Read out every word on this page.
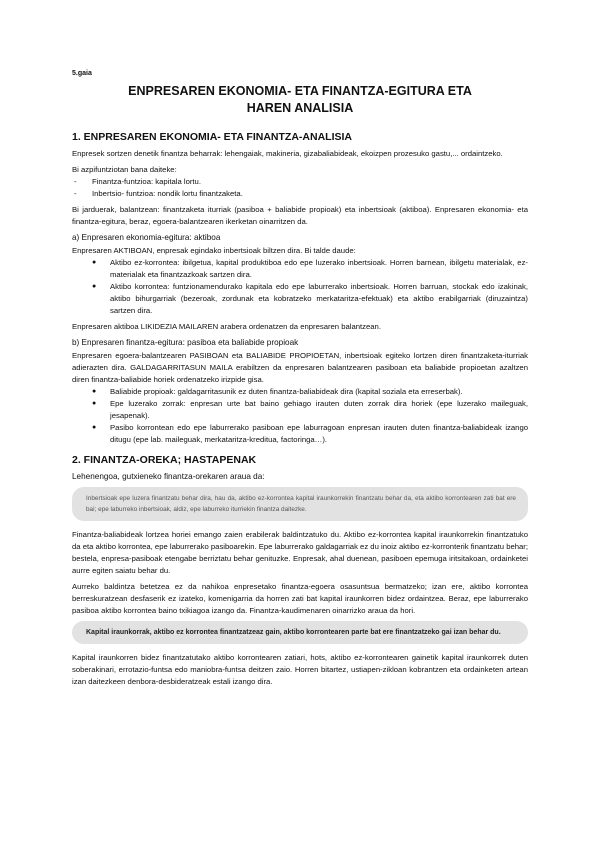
5.gaia
ENPRESAREN EKONOMIA- ETA FINANTZA-EGITURA ETA
HAREN ANALISIA
1. ENPRESAREN EKONOMIA- ETA FINANTZA-ANALISIA

Enpresek sortzen denetik finantza beharrak: lehengaiak, makineria, gizabaliabideak, ekoizpen prozesuko gastu,... ordaintzeko.

Bi azpifuntziotan bana daiteke:

- Finantza-funtzioa: kapitala lortu.
- Inbertsio- funtzioa: nondik lortu finantzaketa.

Bi jarduerak, balantzean: finantzaketa iturriak (pasiboa + baliabide propioak) eta inbertsioak (aktiboa). Enpresaren ekonomia- eta finantza-egitura, beraz, egoera-balantzearen ikerketan oinarritzen da.

a) Enpresaren ekonomia-egitura: aktiboa

Enpresaren AKTIBOAN, enpresak egindako inbertsioak biltzen dira. Bi talde daude:

● Aktibo ez-korrontea: ibilgetua, kapital produktiboa edo epe luzerako inbertsioak. Horren barnean, ibilgetu materialak, ez-materialak eta finantzazkoak sartzen dira.
● Aktibo korrontea: funtzionamendurako kapitala edo epe laburrerako inbertsioak. Horren barruan, stockak edo izakinak, aktibo bihurgarriak (bezeroak, zordunak eta kobratzeko merkataritza-efektuak) eta aktibo erabilgarriak (diruzaintza) sartzen dira.

Enpresaren aktiboa LIKIDEZIA MAILAREN arabera ordenatzen da enpresaren balantzean.

b) Enpresaren finantza-egitura: pasiboa eta baliabide propioak

Enpresaren egoera-balantzearen PASIBOAN eta BALIABIDE PROPIOETAN, inbertsioak egiteko lortzen diren finantzaketa-iturriak adierazten dira. GALDAGARRITASUN MAILA erabiltzen da enpresaren balantzearen pasiboan eta baliabide propioetan azaltzen diren finantza-baliabide horiek ordenatzeko irizpide gisa.

● Baliabide propioak: galdagarritasunik ez duten finantza-baliabideak dira (kapital soziala eta erreserbak).
● Epe luzerako zorrak: enpresan urte bat baino gehiago irauten duten zorrak dira horiek (epe luzerako maileguak, jesapenak).
● Pasibo korrontean edo epe laburrerako pasiboan epe laburragoan enpresan irauten duten finantza-baliabideak izango ditugu (epe lab. maileguak, merkataritza-kreditua, factoringa…).
2. FINANTZA-OREKA; HASTAPENAK
Lehenengoa, gutxieneko finantza-orekaren araua da:

Inbertsioak epe luzera finantzatu behar dira, hau da, aktibo ez-korrontea kapital iraunkorrekin finantzatu behar da, eta aktibo korrontearen zati bat ere bai; epe laburreko inbertsioak, aldiz, epe laburreko iturriekin finantza daitezke.

Finantza-baliabideak lortzea horiei emango zaien erabilerak baldintzatuko du. Aktibo ez-korrontea kapital iraunkorrekin finantzatuko da eta aktibo korrontea, epe laburrerako pasiboarekin. Epe laburrerako galdagarriak ez du inoiz aktibo ez-korronterik finantzatu behar; bestela, enpresa-pasiboak etengabe berriztatu behar genituzke. Enpresak, ahal duenean, pasiboen epemuga iritsitakoan, ordainketei aurre egiten saiatu behar du.

Aurreko baldintza betetzea ez da nahikoa enpresetako finantza-egoera osasuntsua bermatzeko; izan ere, aktibo korrontea berreskuratzean desfaserik ez izateko, komenigarria da horren zati bat kapital iraunkorren bidez ordaintzea. Beraz, epe laburrerako pasiboa aktibo korrontea baino txikiagoa izango da. Finantza-kaudimenaren oinarrizko araua da hori.

Kapital iraunkorrak, aktibo ez korrontea finantzatzeaz gain, aktibo korrontearen parte bat ere finantzatzeko gai izan behar du.

Kapital iraunkorren bidez finantzatutako aktibo korrontearen zatiari, hots, aktibo ez-korrontearen gainetik kapital iraunkorrek duten soberakinari, errotazio-funtsa edo maniobra-funtsa deitzen zaio. Horren bitartez, ustiapen-zikloan kobrantzen eta ordainketen artean izan daitezkeen denbora-desbideratzeak estali izango dira.
